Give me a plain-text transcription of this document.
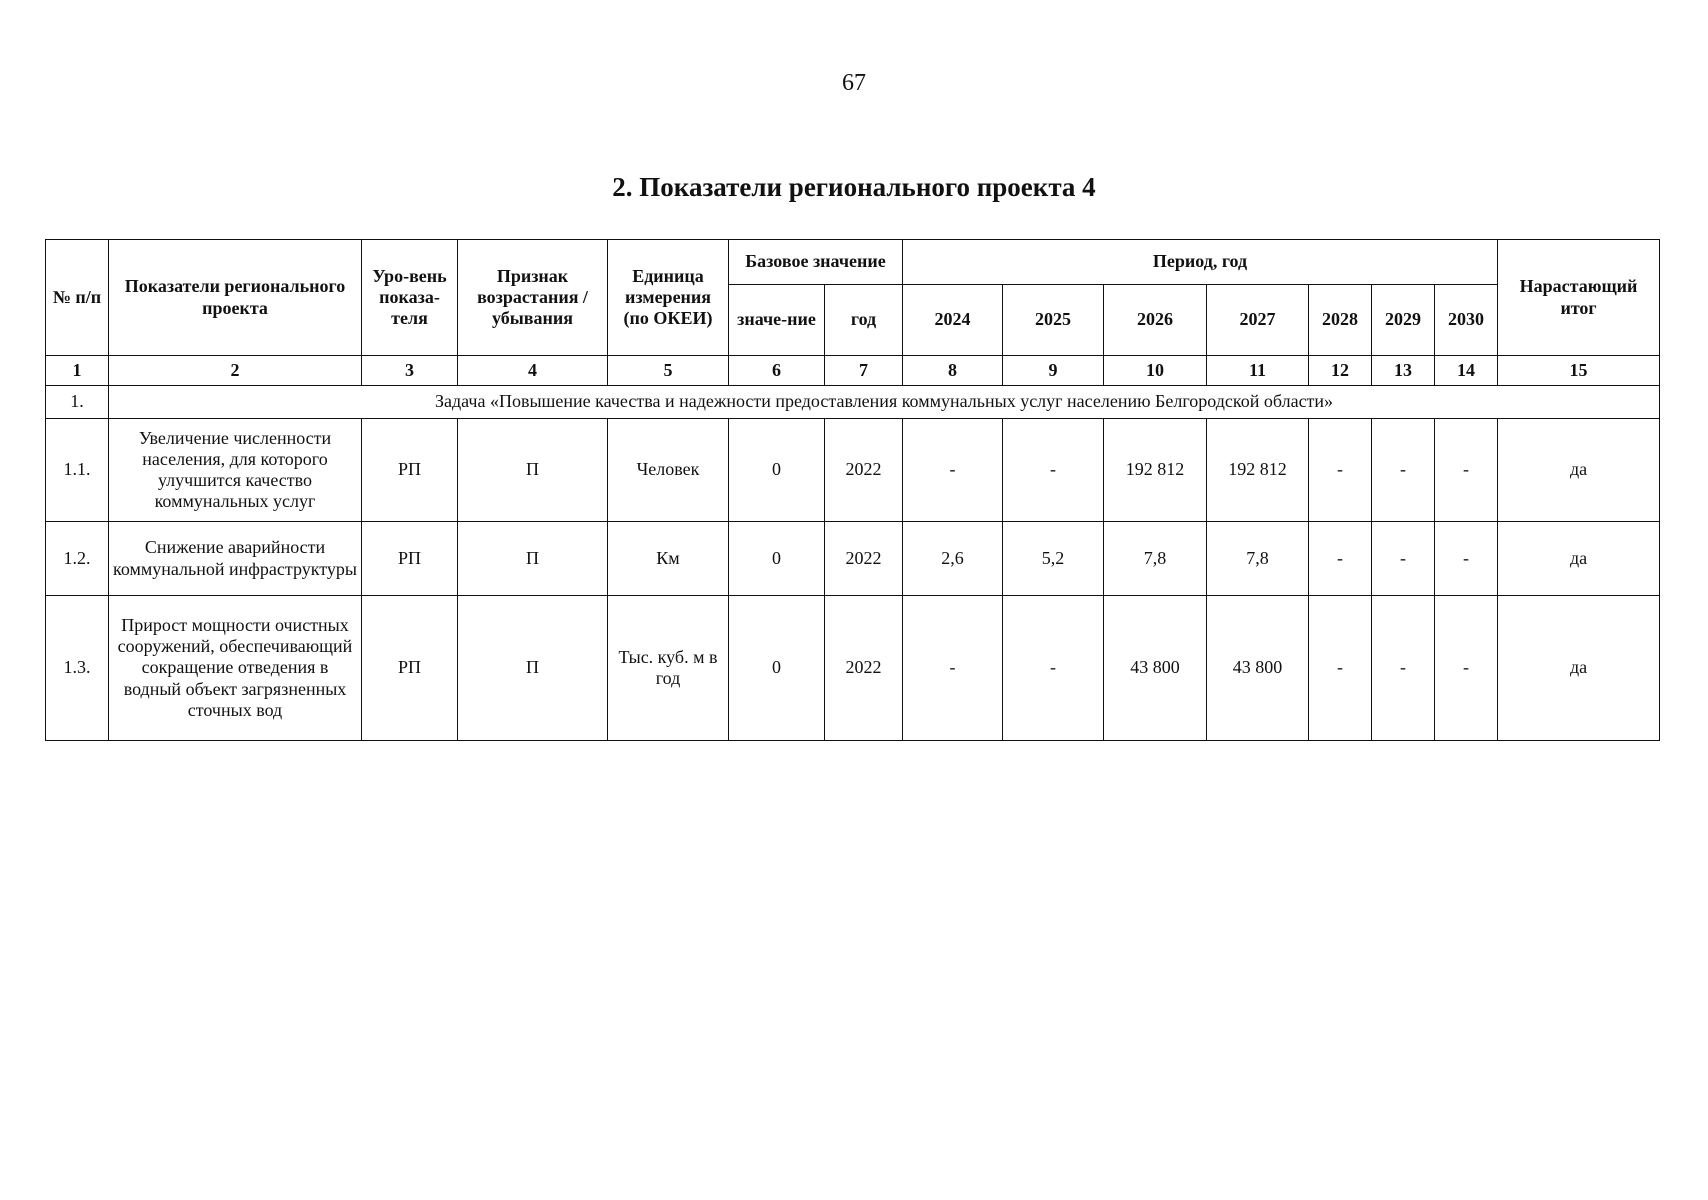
67
2. Показатели регионального проекта 4
№ п/п	Показатели регионального проекта	Уро-вень показа-теля	Признак возрастания / убывания	Единица измерения (по ОКЕИ)	Базовое значение		Период, год							Нарастающий итог
					значе-ние	год	2024	2025	2026	2027	2028	2029	2030	
1	2	3	4	5	6	7	8	9	10	11	12	13	14	15
1.	Задача «Повышение качества и надежности предоставления коммунальных услуг населению Белгородской области»													
1.1.	Увеличение численности населения, для которого улучшится качество коммунальных услуг	РП	П	Человек	0	2022	-	-	192 812	192 812	-	-	-	да
1.2.	Снижение аварийности коммунальной инфраструктуры	РП	П	Км	0	2022	2,6	5,2	7,8	7,8	-	-	-	да
1.3.	Прирост мощности очистных сооружений, обеспечивающий сокращение отведения в водный объект загрязненных сточных вод	РП	П	Тыс. куб. м в год	0	2022	-	-	43 800	43 800	-	-	-	да
